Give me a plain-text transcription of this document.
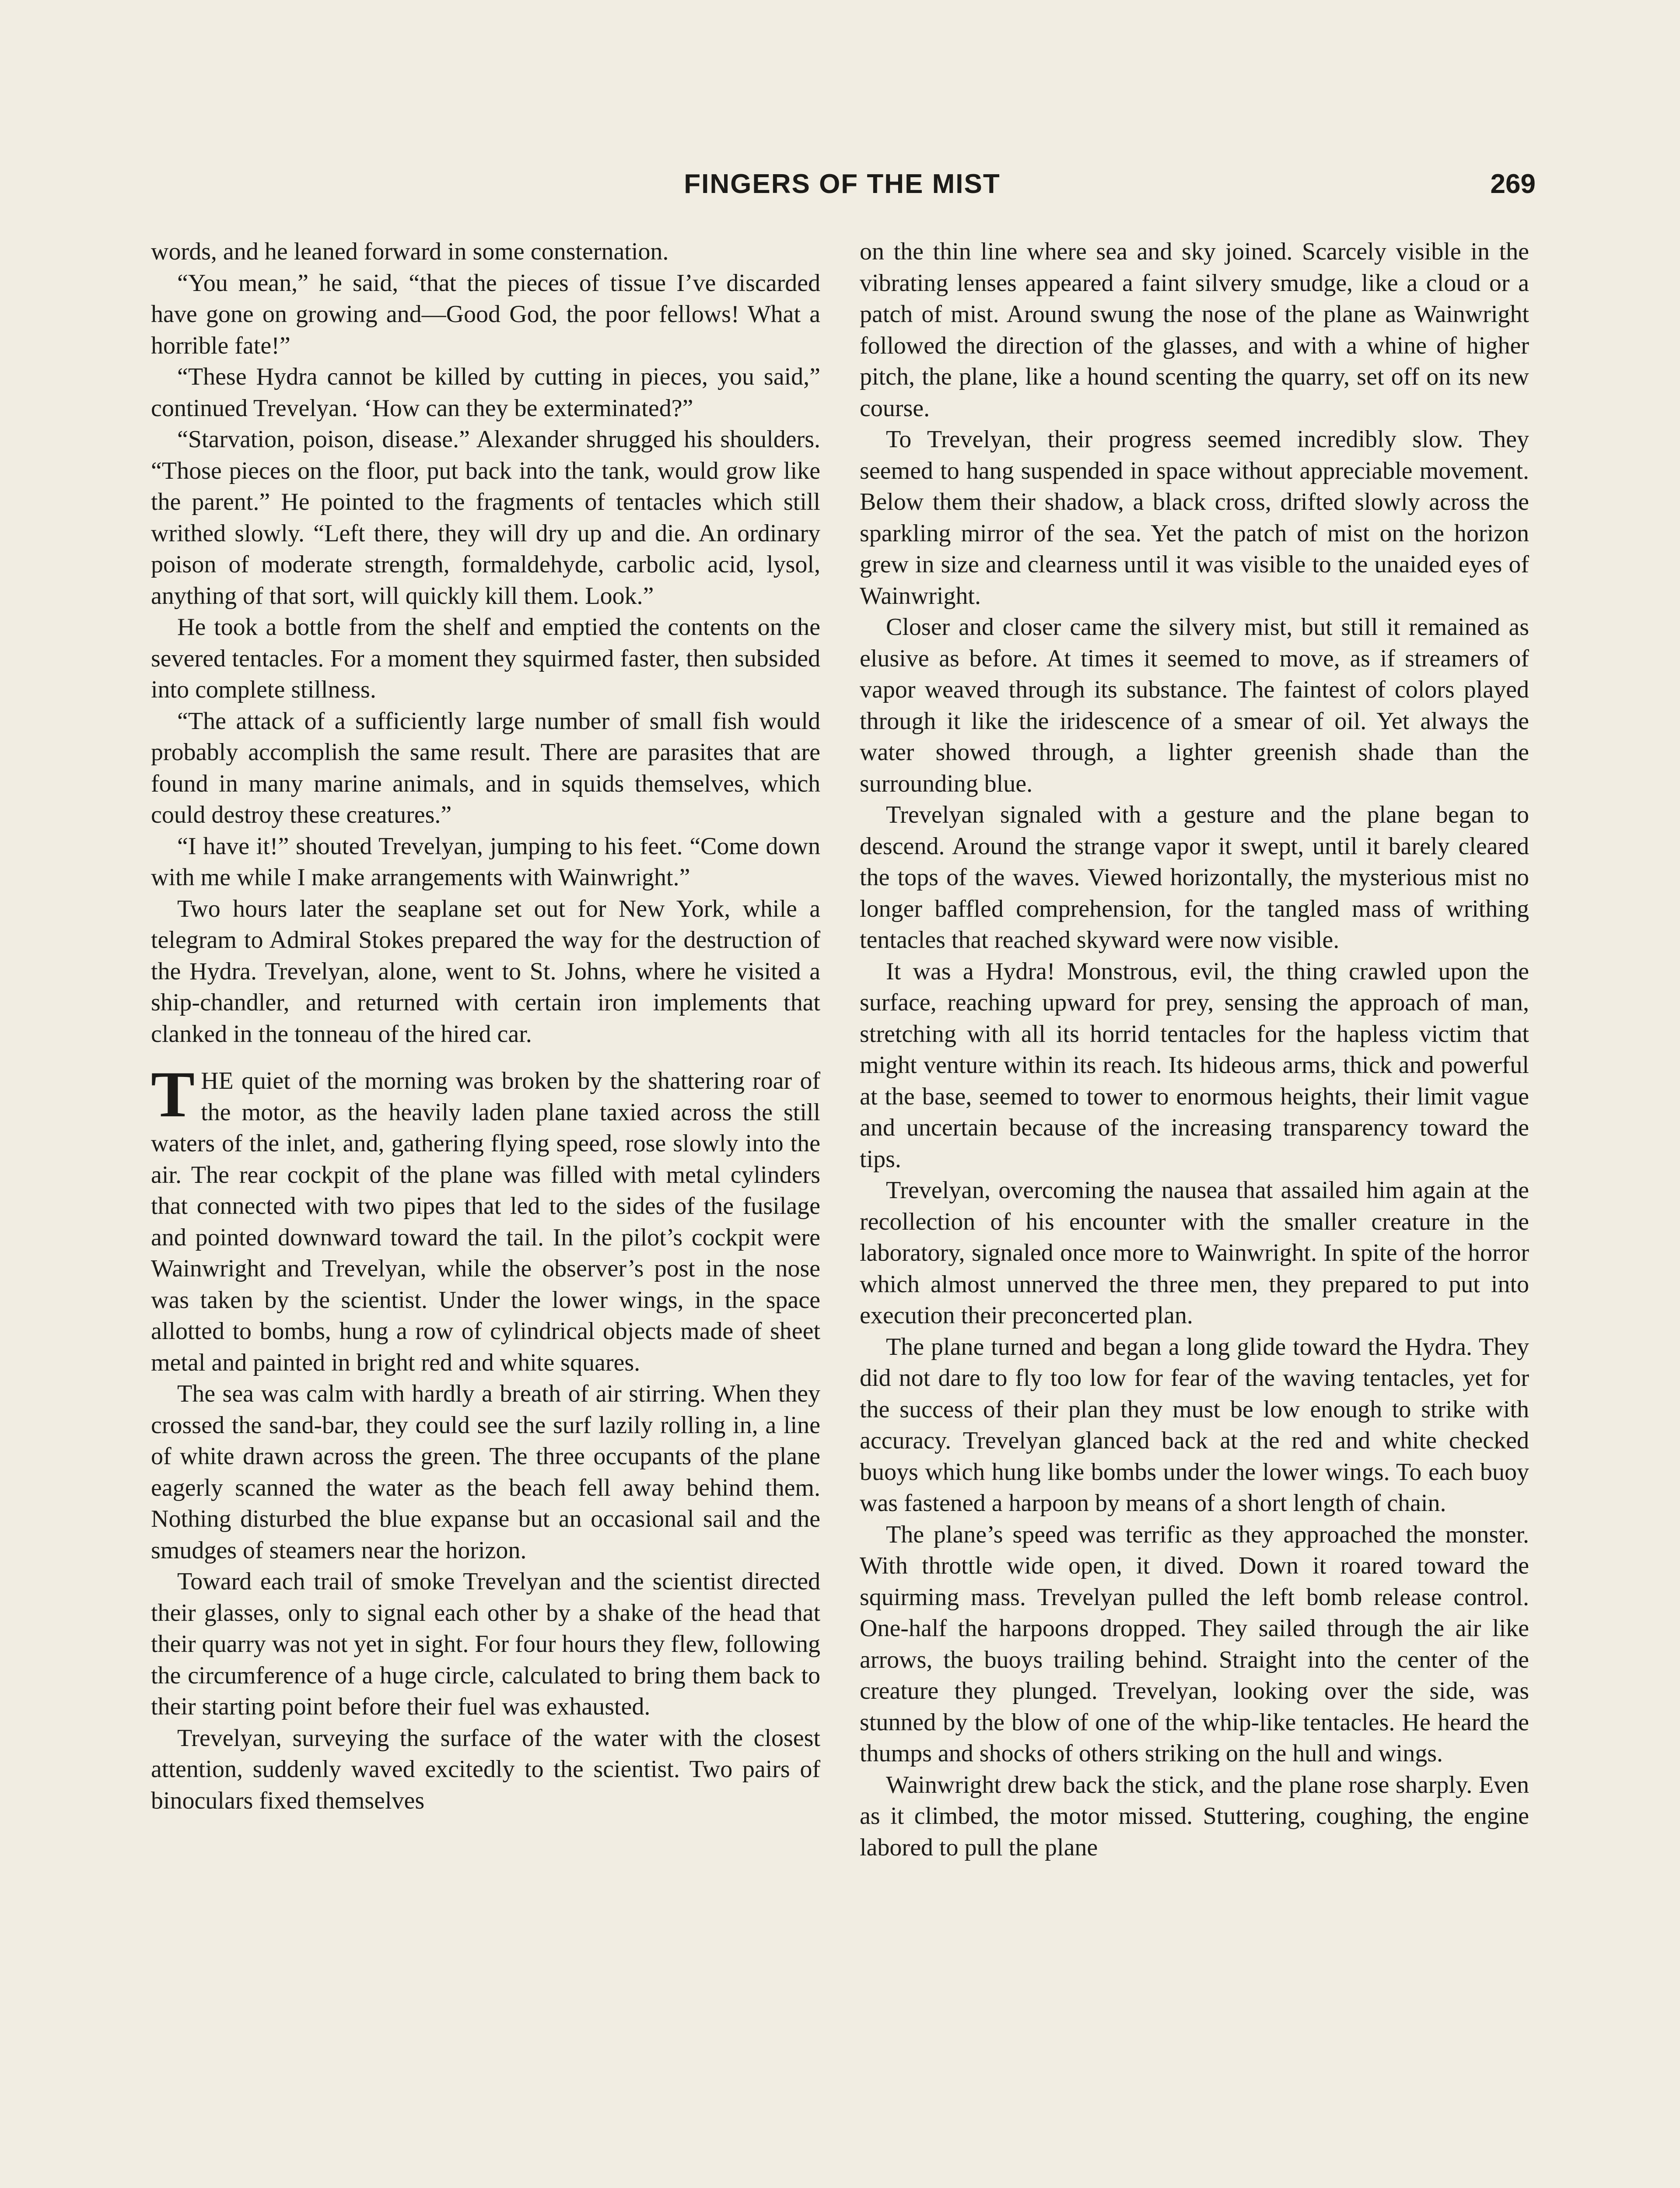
FINGERS OF THE MIST	269

words, and he leaned forward in some consternation.

“You mean,” he said, “that the pieces of tissue I’ve discarded have gone on growing and—Good God, the poor fellows! What a horrible fate!”

“These Hydra cannot be killed by cutting in pieces, you said,” continued Trevelyan. ‘How can they be exterminated?”

“Starvation, poison, disease.” Alexander shrugged his shoulders. “Those pieces on the floor, put back into the tank, would grow like the parent.” He pointed to the fragments of tentacles which still writhed slowly. “Left there, they will dry up and die. An ordinary poison of moderate strength, formaldehyde, carbolic acid, lysol, anything of that sort, will quickly kill them. Look.”

He took a bottle from the shelf and emptied the contents on the severed tentacles. For a moment they squirmed faster, then subsided into complete stillness.

“The attack of a sufficiently large number of small fish would probably accomplish the same result. There are parasites that are found in many marine animals, and in squids themselves, which could destroy these creatures.”

“I have it!” shouted Trevelyan, jumping to his feet. “Come down with me while I make arrangements with Wainwright.”

Two hours later the seaplane set out for New York, while a telegram to Admiral Stokes prepared the way for the destruction of the Hydra. Trevelyan, alone, went to St. Johns, where he visited a ship-chandler, and returned with certain iron implements that clanked in the tonneau of the hired car.

THE quiet of the morning was broken by the shattering roar of the motor, as the heavily laden plane taxied across the still waters of the inlet, and, gathering flying speed, rose slowly into the air. The rear cockpit of the plane was filled with metal cylinders that connected with two pipes that led to the sides of the fusilage and pointed downward toward the tail. In the pilot’s cockpit were Wainwright and Trevelyan, while the observer’s post in the nose was taken by the scientist. Under the lower wings, in the space allotted to bombs, hung a row of cylindrical objects made of sheet metal and painted in bright red and white squares.

The sea was calm with hardly a breath of air stirring. When they crossed the sand-bar, they could see the surf lazily rolling in, a line of white drawn across the green. The three occupants of the plane eagerly scanned the water as the beach fell away behind them. Nothing disturbed the blue expanse but an occasional sail and the smudges of steamers near the horizon.

Toward each trail of smoke Trevelyan and the scientist directed their glasses, only to signal each other by a shake of the head that their quarry was not yet in sight. For four hours they flew, following the circumference of a huge circle, calculated to bring them back to their starting point before their fuel was exhausted.

Trevelyan, surveying the surface of the water with the closest attention, suddenly waved excitedly to the scientist. Two pairs of binoculars fixed themselves

on the thin line where sea and sky joined. Scarcely visible in the vibrating lenses appeared a faint silvery smudge, like a cloud or a patch of mist. Around swung the nose of the plane as Wainwright followed the direction of the glasses, and with a whine of higher pitch, the plane, like a hound scenting the quarry, set off on its new course.

To Trevelyan, their progress seemed incredibly slow. They seemed to hang suspended in space without appreciable movement. Below them their shadow, a black cross, drifted slowly across the sparkling mirror of the sea. Yet the patch of mist on the horizon grew in size and clearness until it was visible to the unaided eyes of Wainwright.

Closer and closer came the silvery mist, but still it remained as elusive as before. At times it seemed to move, as if streamers of vapor weaved through its substance. The faintest of colors played through it like the iridescence of a smear of oil. Yet always the water showed through, a lighter greenish shade than the surrounding blue.

Trevelyan signaled with a gesture and the plane began to descend. Around the strange vapor it swept, until it barely cleared the tops of the waves. Viewed horizontally, the mysterious mist no longer baffled comprehension, for the tangled mass of writhing tentacles that reached skyward were now visible.

It was a Hydra! Monstrous, evil, the thing crawled upon the surface, reaching upward for prey, sensing the approach of man, stretching with all its horrid tentacles for the hapless victim that might venture within its reach. Its hideous arms, thick and powerful at the base, seemed to tower to enormous heights, their limit vague and uncertain because of the increasing transparency toward the tips.

Trevelyan, overcoming the nausea that assailed him again at the recollection of his encounter with the smaller creature in the laboratory, signaled once more to Wainwright. In spite of the horror which almost unnerved the three men, they prepared to put into execution their preconcerted plan.

The plane turned and began a long glide toward the Hydra. They did not dare to fly too low for fear of the waving tentacles, yet for the success of their plan they must be low enough to strike with accuracy. Trevelyan glanced back at the red and white checked buoys which hung like bombs under the lower wings. To each buoy was fastened a harpoon by means of a short length of chain.

The plane’s speed was terrific as they approached the monster. With throttle wide open, it dived. Down it roared toward the squirming mass. Trevelyan pulled the left bomb release control. One-half the harpoons dropped. They sailed through the air like arrows, the buoys trailing behind. Straight into the center of the creature they plunged. Trevelyan, looking over the side, was stunned by the blow of one of the whip-like tentacles. He heard the thumps and shocks of others striking on the hull and wings.

Wainwright drew back the stick, and the plane rose sharply. Even as it climbed, the motor missed. Stuttering, coughing, the engine labored to pull the plane
